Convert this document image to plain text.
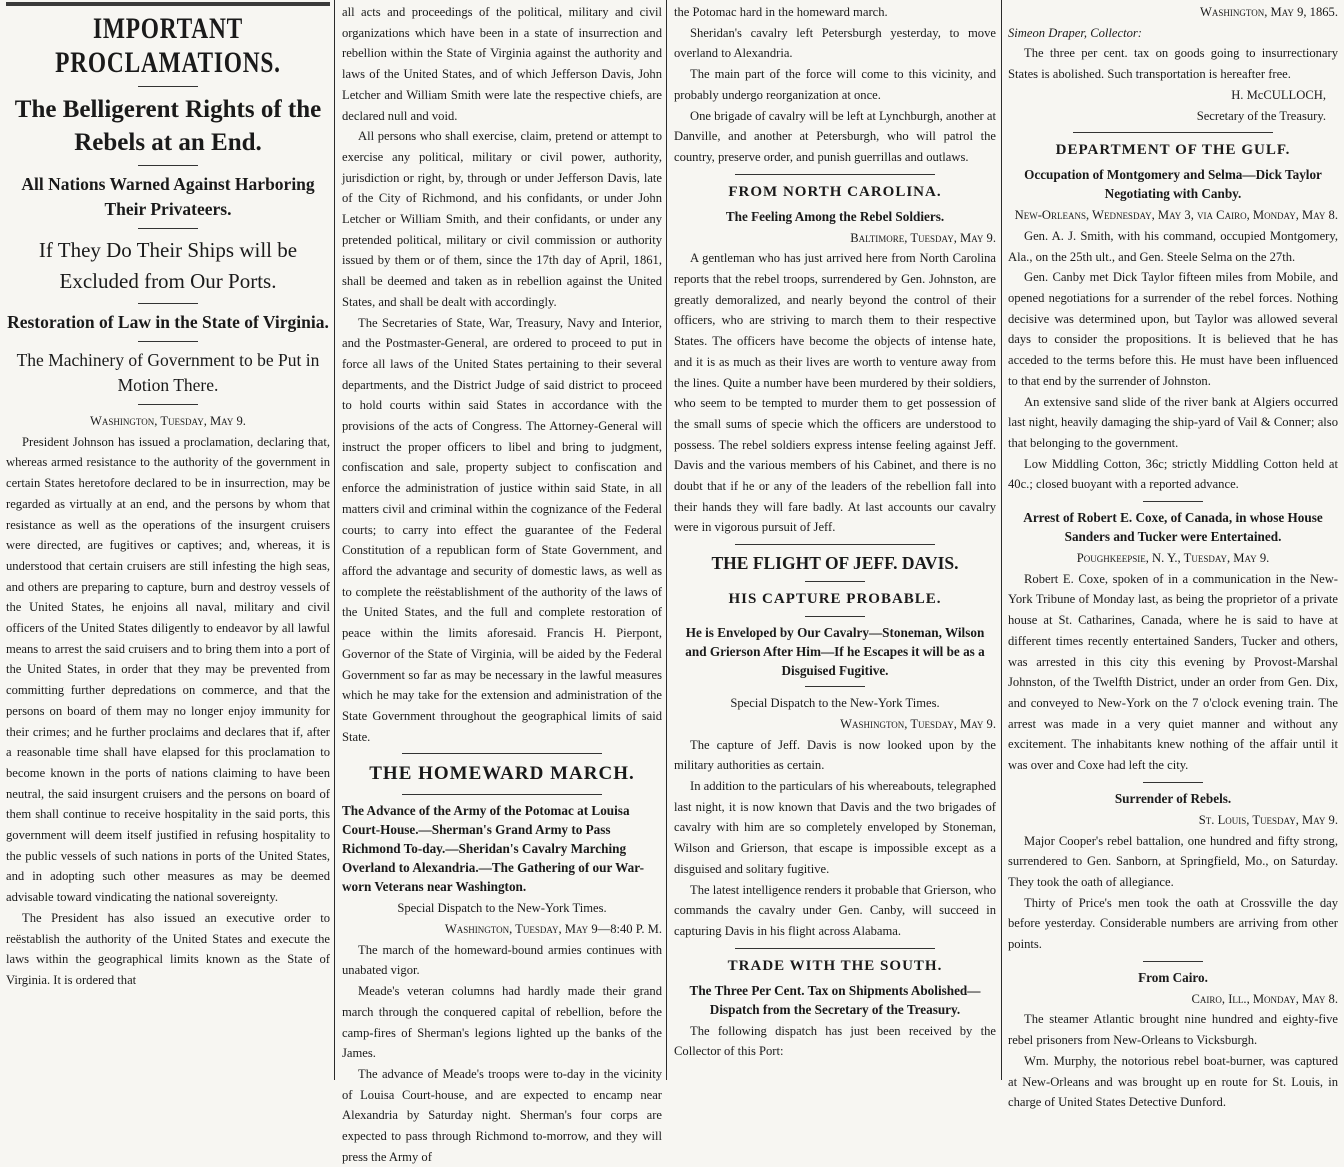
IMPORTANT PROCLAMATIONS.
The Belligerent Rights of the Rebels at an End.
All Nations Warned Against Harboring Their Privateers.
If They Do Their Ships will be Excluded from Our Ports.
Restoration of Law in the State of Virginia.
The Machinery of Government to be Put in Motion There.
Washington, Tuesday, May 9.

President Johnson has issued a proclamation, declaring that, whereas armed resistance to the authority of the government in certain States heretofore declared to be in insurrection, may be regarded as virtually at an end, and the persons by whom that resistance as well as the operations of the insurgent cruisers were directed, are fugitives or captives; and, whereas, it is understood that certain cruisers are still infesting the high seas, and others are preparing to capture, burn and destroy vessels of the United States, he enjoins all naval, military and civil officers of the United States diligently to endeavor by all lawful means to arrest the said cruisers and to bring them into a port of the United States, in order that they may be prevented from committing further depredations on commerce, and that the persons on board of them may no longer enjoy immunity for their crimes; and he further proclaims and declares that if, after a reasonable time shall have elapsed for this proclamation to become known in the ports of nations claiming to have been neutral, the said insurgent cruisers and the persons on board of them shall continue to receive hospitality in the said ports, this government will deem itself justified in refusing hospitality to the public vessels of such nations in ports of the United States, and in adopting such other measures as may be deemed advisable toward vindicating the national sovereignty.

The President has also issued an executive order to reëstablish the authority of the United States and execute the laws within the geographical limits known as the State of Virginia. It is ordered that

all acts and proceedings of the political, military and civil organizations which have been in a state of insurrection and rebellion within the State of Virginia against the authority and laws of the United States, and of which Jefferson Davis, John Letcher and William Smith were late the respective chiefs, are declared null and void.

All persons who shall exercise, claim, pretend or attempt to exercise any political, military or civil power, authority, jurisdiction or right, by, through or under Jefferson Davis, late of the City of Richmond, and his confidants, or under John Letcher or William Smith, and their confidants, or under any pretended political, military or civil commission or authority issued by them or of them, since the 17th day of April, 1861, shall be deemed and taken as in rebellion against the United States, and shall be dealt with accordingly.

The Secretaries of State, War, Treasury, Navy and Interior, and the Postmaster-General, are ordered to proceed to put in force all laws of the United States pertaining to their several departments, and the District Judge of said district to proceed to hold courts within said States in accordance with the provisions of the acts of Congress. The Attorney-General will instruct the proper officers to libel and bring to judgment, confiscation and sale, property subject to confiscation and enforce the administration of justice within said State, in all matters civil and criminal within the cognizance of the Federal courts; to carry into effect the guarantee of the Federal Constitution of a republican form of State Government, and afford the advantage and security of domestic laws, as well as to complete the reëstablishment of the authority of the laws of the United States, and the full and complete restoration of peace within the limits aforesaid. Francis H. Pierpont, Governor of the State of Virginia, will be aided by the Federal Government so far as may be necessary in the lawful measures which he may take for the extension and administration of the State Government throughout the geographical limits of said State.

THE HOMEWARD MARCH.
The Advance of the Army of the Potomac at Louisa Court-House.—Sherman's Grand Army to Pass Richmond To-day.—Sheridan's Cavalry Marching Overland to Alexandria.—The Gathering of our War-worn Veterans near Washington.
Special Dispatch to the New-York Times.
Washington, Tuesday, May 9—8:40 P. M.

The march of the homeward-bound armies continues with unabated vigor.

Meade's veteran columns had hardly made their grand march through the conquered capital of rebellion, before the camp-fires of Sherman's legions lighted up the banks of the James.

The advance of Meade's troops were to-day in the vicinity of Louisa Court-house, and are expected to encamp near Alexandria by Saturday night. Sherman's four corps are expected to pass through Richmond to-morrow, and they will press the Army of

the Potomac hard in the homeward march.

Sheridan's cavalry left Petersburgh yesterday, to move overland to Alexandria.

The main part of the force will come to this vicinity, and probably undergo reorganization at once.

One brigade of cavalry will be left at Lynchburgh, another at Danville, and another at Petersburgh, who will patrol the country, preserve order, and punish guerrillas and outlaws.

FROM NORTH CAROLINA.
The Feeling Among the Rebel Soldiers.
Baltimore, Tuesday, May 9.

A gentleman who has just arrived here from North Carolina reports that the rebel troops, surrendered by Gen. Johnston, are greatly demoralized, and nearly beyond the control of their officers, who are striving to march them to their respective States. The officers have become the objects of intense hate, and it is as much as their lives are worth to venture away from the lines. Quite a number have been murdered by their soldiers, who seem to be tempted to murder them to get possession of the small sums of specie which the officers are understood to possess. The rebel soldiers express intense feeling against Jeff. Davis and the various members of his Cabinet, and there is no doubt that if he or any of the leaders of the rebellion fall into their hands they will fare badly. At last accounts our cavalry were in vigorous pursuit of Jeff.

THE FLIGHT OF JEFF. DAVIS.
HIS CAPTURE PROBABLE.
He is Enveloped by Our Cavalry—Stoneman, Wilson and Grierson After Him—If he Escapes it will be as a Disguised Fugitive.
Special Dispatch to the New-York Times.
Washington, Tuesday, May 9.

The capture of Jeff. Davis is now looked upon by the military authorities as certain.

In addition to the particulars of his whereabouts, telegraphed last night, it is now known that Davis and the two brigades of cavalry with him are so completely enveloped by Stoneman, Wilson and Grierson, that escape is impossible except as a disguised and solitary fugitive.

The latest intelligence renders it probable that Grierson, who commands the cavalry under Gen. Canby, will succeed in capturing Davis in his flight across Alabama.

TRADE WITH THE SOUTH.
The Three Per Cent. Tax on Shipments Abolished—Dispatch from the Secretary of the Treasury.

The following dispatch has just been received by the Collector of this Port:

Washington, May 9, 1865.

Simeon Draper, Collector:

The three per cent. tax on goods going to insurrectionary States is abolished. Such transportation is hereafter free.

H. McCULLOCH,
Secretary of the Treasury.
DEPARTMENT OF THE GULF.
Occupation of Montgomery and Selma—Dick Taylor Negotiating with Canby.
New-Orleans, Wednesday, May 3, via Cairo, Monday, May 8.

Gen. A. J. Smith, with his command, occupied Montgomery, Ala., on the 25th ult., and Gen. Steele Selma on the 27th.

Gen. Canby met Dick Taylor fifteen miles from Mobile, and opened negotiations for a surrender of the rebel forces. Nothing decisive was determined upon, but Taylor was allowed several days to consider the propositions. It is believed that he has acceded to the terms before this. He must have been influenced to that end by the surrender of Johnston.

An extensive sand slide of the river bank at Algiers occurred last night, heavily damaging the ship-yard of Vail & Conner; also that belonging to the government.

Low Middling Cotton, 36c; strictly Middling Cotton held at 40c.; closed buoyant with a reported advance.

Arrest of Robert E. Coxe, of Canada, in whose House Sanders and Tucker were Entertained.
Poughkeepsie, N. Y., Tuesday, May 9.

Robert E. Coxe, spoken of in a communication in the New-York Tribune of Monday last, as being the proprietor of a private house at St. Catharines, Canada, where he is said to have at different times recently entertained Sanders, Tucker and others, was arrested in this city this evening by Provost-Marshal Johnston, of the Twelfth District, under an order from Gen. Dix, and conveyed to New-York on the 7 o'clock evening train. The arrest was made in a very quiet manner and without any excitement. The inhabitants knew nothing of the affair until it was over and Coxe had left the city.

Surrender of Rebels.
St. Louis, Tuesday, May 9.

Major Cooper's rebel battalion, one hundred and fifty strong, surrendered to Gen. Sanborn, at Springfield, Mo., on Saturday. They took the oath of allegiance.

Thirty of Price's men took the oath at Crossville the day before yesterday. Considerable numbers are arriving from other points.

From Cairo.
Cairo, Ill., Monday, May 8.

The steamer Atlantic brought nine hundred and eighty-five rebel prisoners from New-Orleans to Vicksburgh.

Wm. Murphy, the notorious rebel boat-burner, was captured at New-Orleans and was brought up en route for St. Louis, in charge of United States Detective Dunford.
